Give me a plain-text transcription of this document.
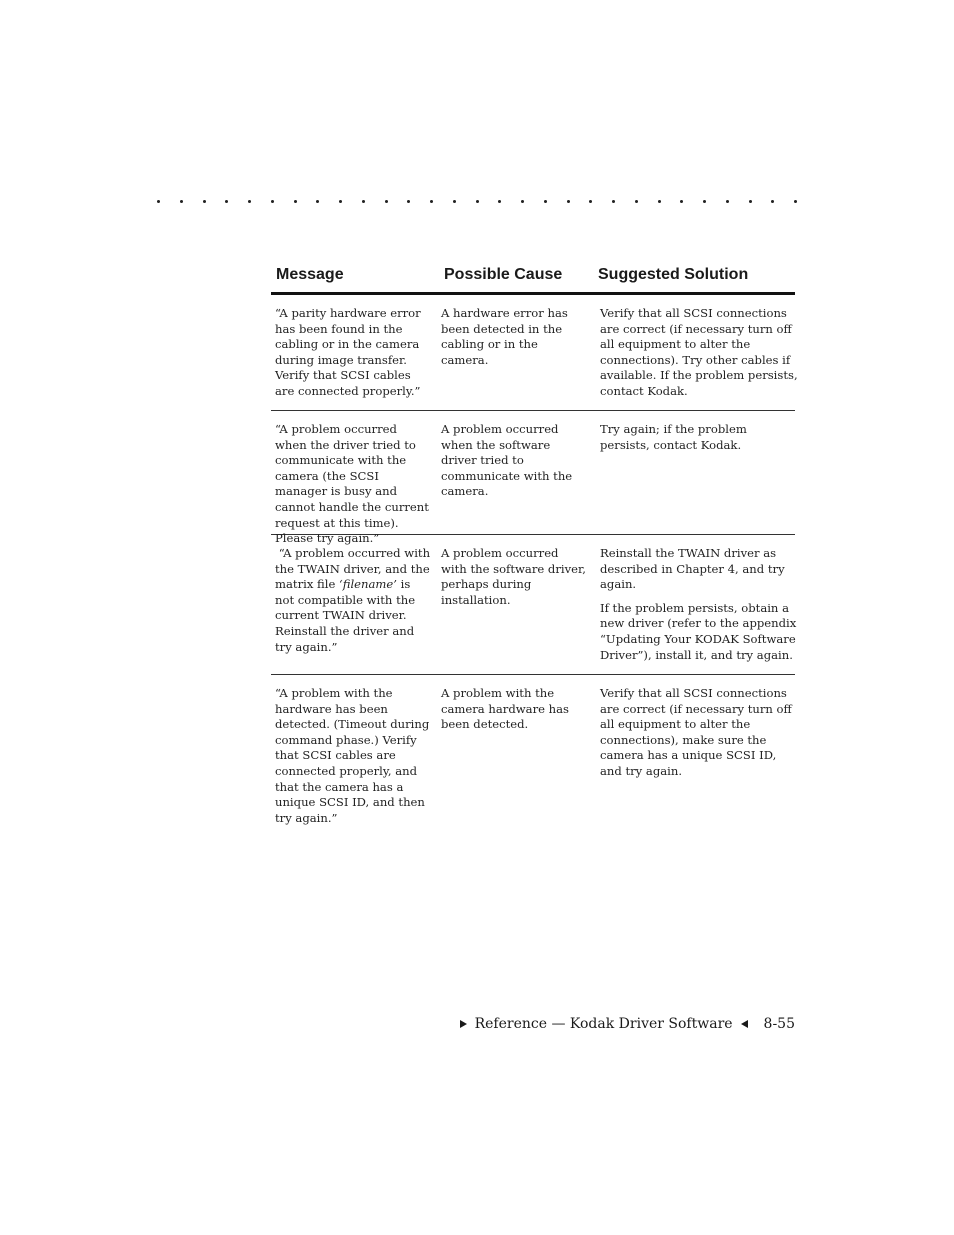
Message	Possible Cause Suggested Solution
“A parity hardware error has been found in the cabling or in the camera during image transfer. Verify that SCSI cables are connected properly.”
A hardware error has been detected in the cabling or in the camera.
Verify that all SCSI connections are correct (if necessary turn off all equipment to alter the connections). Try other cables if available. If the problem persists, contact Kodak.
“A problem occurred when the driver tried to communicate with the camera (the SCSI manager is busy and cannot handle the current request at this time). Please try again.”
A problem occurred when the software driver tried to communicate with the camera.
Try again; if the problem persists, contact Kodak.
“A problem occurred with the TWAIN driver, and the matrix file ‘filename’ is not compatible with the current TWAIN driver. Reinstall the driver and try again.”
A problem occurred with the software driver, perhaps during installation.

Reinstall the TWAIN driver as described in Chapter 4, and try again.

If the problem persists, obtain a new driver (refer to the appendix “Updating Your KODAK Software Driver”), install it, and try again.

“A problem with the hardware has been detected. (Timeout during command phase.) Verify that SCSI cables are connected properly, and that the camera has a unique SCSI ID, and then try again.”
A problem with the camera hardware has been detected.
Verify that all SCSI connections are correct (if necessary turn off all equipment to alter the connections), make sure the camera has a unique SCSI ID, and try again.
Reference — Kodak Driver Software 8-55
